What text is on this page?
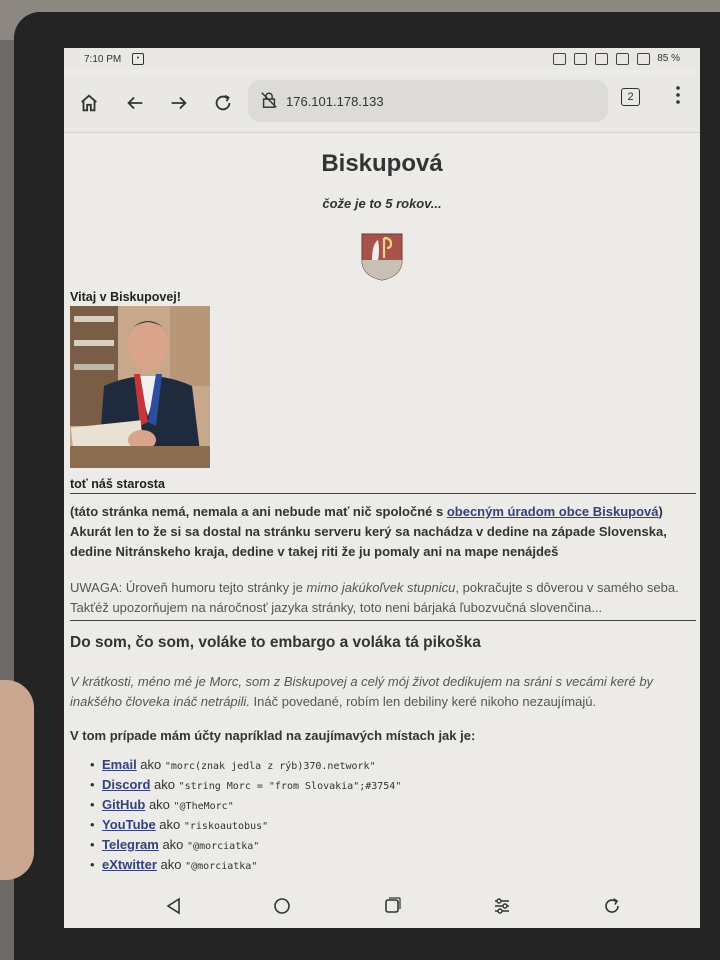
7:10 PM	•	85 %
176.101.178.133	2
Biskupová
čože je to 5 rokov...
Vitaj v Biskupovej!
toť náš starosta
(táto stránka nemá, nemala a ani nebude mať nič spoločné s obecným úradom obce Biskupová)
Akurát len to že si sa dostal na stránku serveru kerý sa nachádza v dedine na západe Slovenska, dedine Nitránskeho kraja, dedine v takej riti že ju pomaly ani na mape nenájdeš
UWAGA: Úroveň humoru tejto stránky je mimo jakúkoľvek stupnicu, pokračujte s dôverou v samého seba. Takťéž upozorňujem na náročnosť jazyka stránky, toto neni bárjaká ľubozvučná slovenčina...
Do som, čo som, voláke to embargo a voláka tá pikoška
V krátkosti, méno mé je Morc, som z Biskupovej a celý mój život dedikujem na sráni s vecámi keré by inakšého človeka ináč netrápili. Ináč povedané, robím len debiliny keré nikoho nezaujímajú.
V tom prípade mám účty napríklad na zaujímavých místach jak je:
• Email ako "morc(znak jedla z rýb)370.network"
• Discord ako "string Morc = "from Slovakia";#3754"
• GitHub ako "@TheMorc"
• YouTube ako "riskoautobus"
• Telegram ako "@morciatka"
• eXtwitter ako "@morciatka"
